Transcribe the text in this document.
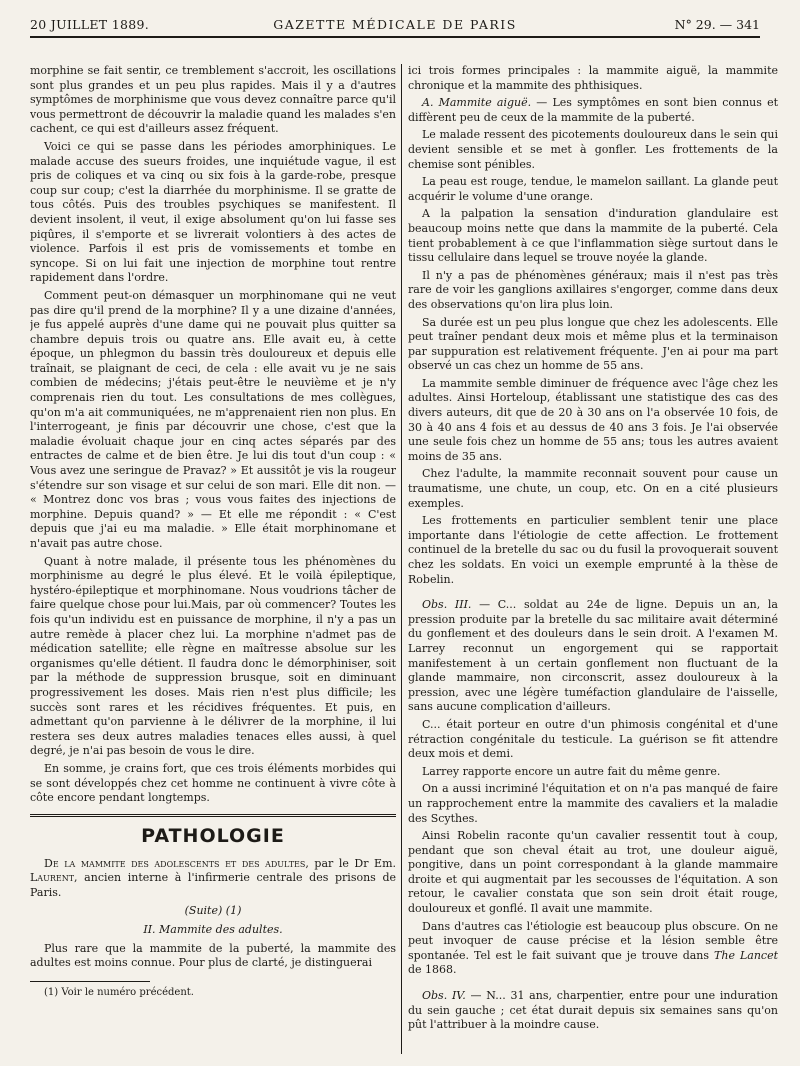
20 JUILLET 1889.	GAZETTE MÉDICALE DE PARIS	N° 29. — 341

morphine se fait sentir, ce tremblement s'accroit, les oscillations sont plus grandes et un peu plus rapides. Mais il y a d'autres symptômes de morphinisme que vous devez connaître parce qu'il vous permettront de découvrir la maladie quand les malades s'en cachent, ce qui est d'ailleurs assez fréquent.

Voici ce qui se passe dans les périodes amorphiniques. Le malade accuse des sueurs froides, une inquiétude vague, il est pris de coliques et va cinq ou six fois à la garde-robe, presque coup sur coup; c'est la diarrhée du morphinisme. Il se gratte de tous côtés. Puis des troubles psychiques se manifestent. Il devient insolent, il veut, il exige absolument qu'on lui fasse ses piqûres, il s'emporte et se livrerait volontiers à des actes de violence. Parfois il est pris de vomissements et tombe en syncope. Si on lui fait une injection de morphine tout rentre rapidement dans l'ordre.

Comment peut-on démasquer un morphinomane qui ne veut pas dire qu'il prend de la morphine? Il y a une dizaine d'années, je fus appelé auprès d'une dame qui ne pouvait plus quitter sa chambre depuis trois ou quatre ans. Elle avait eu, à cette époque, un phlegmon du bassin très douloureux et depuis elle traînait, se plaignant de ceci, de cela : elle avait vu je ne sais combien de médecins; j'étais peut-être le neuvième et je n'y comprenais rien du tout. Les consultations de mes collègues, qu'on m'a ait communiquées, ne m'apprenaient rien non plus. En l'interrogeant, je finis par découvrir une chose, c'est que la maladie évoluait chaque jour en cinq actes séparés par des entractes de calme et de bien être. Je lui dis tout d'un coup : « Vous avez une seringue de Pravaz? » Et aussitôt je vis la rougeur s'étendre sur son visage et sur celui de son mari. Elle dit non. — « Montrez donc vos bras ; vous vous faites des injections de morphine. Depuis quand? » — Et elle me répondit : « C'est depuis que j'ai eu ma maladie. » Elle était morphinomane et n'avait pas autre chose.

Quant à notre malade, il présente tous les phénomènes du morphinisme au degré le plus élevé. Et le voilà épileptique, hystéro-épileptique et morphinomane. Nous voudrions tâcher de faire quelque chose pour lui.Mais, par où commencer? Toutes les fois qu'un individu est en puissance de morphine, il n'y a pas un autre remède à placer chez lui. La morphine n'admet pas de médication satellite; elle règne en maîtresse absolue sur les organismes qu'elle détient. Il faudra donc le démorphiniser, soit par la méthode de suppression brusque, soit en diminuant progressivement les doses. Mais rien n'est plus difficile; les succès sont rares et les récidives fréquentes. Et puis, en admettant qu'on parvienne à le délivrer de la morphine, il lui restera ses deux autres maladies tenaces elles aussi, à quel degré, je n'ai pas besoin de vous le dire.

En somme, je crains fort, que ces trois éléments morbides qui se sont développés chez cet homme ne continuent à vivre côte à côte encore pendant longtemps.

PATHOLOGIE

De la mammite des adolescents et des adultes, par le Dr Em. Laurent, ancien interne à l'infirmerie centrale des prisons de Paris.

(Suite) (1)

II. Mammite des adultes.

Plus rare que la mammite de la puberté, la mammite des adultes est moins connue. Pour plus de clarté, je distinguerai

(1) Voir le numéro précédent.

ici trois formes principales : la mammite aiguë, la mammite chronique et la mammite des phthisiques.

A. Mammite aiguë. — Les symptômes en sont bien connus et diffèrent peu de ceux de la mammite de la puberté.

Le malade ressent des picotements douloureux dans le sein qui devient sensible et se met à gonfler. Les frottements de la chemise sont pénibles.

La peau est rouge, tendue, le mamelon saillant. La glande peut acquérir le volume d'une orange.

A la palpation la sensation d'induration glandulaire est beaucoup moins nette que dans la mammite de la puberté. Cela tient probablement à ce que l'inflammation siège surtout dans le tissu cellulaire dans lequel se trouve noyée la glande.

Il n'y a pas de phénomènes généraux; mais il n'est pas très rare de voir les ganglions axillaires s'engorger, comme dans deux des observations qu'on lira plus loin.

Sa durée est un peu plus longue que chez les adolescents. Elle peut traîner pendant deux mois et même plus et la terminaison par suppuration est relativement fréquente. J'en ai pour ma part observé un cas chez un homme de 55 ans.

La mammite semble diminuer de fréquence avec l'âge chez les adultes. Ainsi Horteloup, établissant une statistique des cas des divers auteurs, dit que de 20 à 30 ans on l'a observée 10 fois, de 30 à 40 ans 4 fois et au dessus de 40 ans 3 fois. Je l'ai observée une seule fois chez un homme de 55 ans; tous les autres avaient moins de 35 ans.

Chez l'adulte, la mammite reconnait souvent pour cause un traumatisme, une chute, un coup, etc. On en a cité plusieurs exemples.

Les frottements en particulier semblent tenir une place importante dans l'étiologie de cette affection. Le frottement continuel de la bretelle du sac ou du fusil la provoquerait souvent chez les soldats. En voici un exemple emprunté à la thèse de Robelin.

Obs. III. — C... soldat au 24e de ligne. Depuis un an, la pression produite par la bretelle du sac militaire avait déterminé du gonflement et des douleurs dans le sein droit. A l'examen M. Larrey reconnut un engorgement qui se rapportait manifestement à un certain gonflement non fluctuant de la glande mammaire, non circonscrit, assez douloureux à la pression, avec une légère tuméfaction glandulaire de l'aisselle, sans aucune complication d'ailleurs.

C... était porteur en outre d'un phimosis congénital et d'une rétraction congénitale du testicule. La guérison se fit attendre deux mois et demi.

Larrey rapporte encore un autre fait du même genre.

On a aussi incriminé l'équitation et on n'a pas manqué de faire un rapprochement entre la mammite des cavaliers et la maladie des Scythes.

Ainsi Robelin raconte qu'un cavalier ressentit tout à coup, pendant que son cheval était au trot, une douleur aiguë, pongitive, dans un point correspondant à la glande mammaire droite et qui augmentait par les secousses de l'équitation. A son retour, le cavalier constata que son sein droit était rouge, douloureux et gonflé. Il avait une mammite.

Dans d'autres cas l'étiologie est beaucoup plus obscure. On ne peut invoquer de cause précise et la lésion semble être spontanée. Tel est le fait suivant que je trouve dans The Lancet de 1868.

Obs. IV. — N... 31 ans, charpentier, entre pour une induration du sein gauche ; cet état durait depuis six semaines sans qu'on pût l'attribuer à la moindre cause.
